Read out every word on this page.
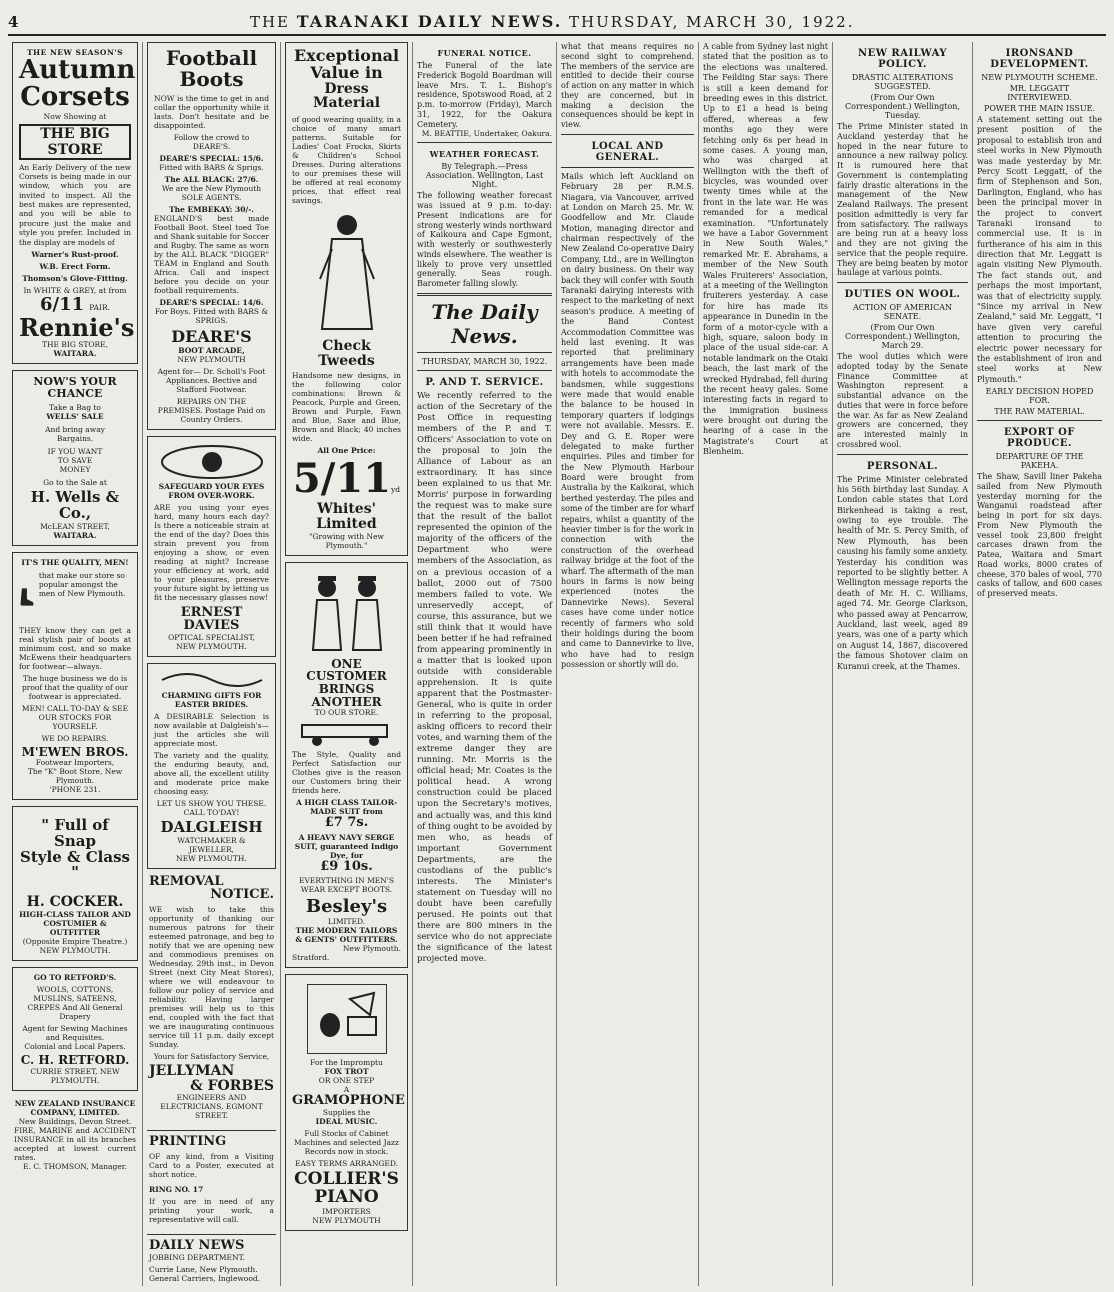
4	THE TARANAKI DAILY NEWS. THURSDAY, MARCH 30, 1922.
THE NEW SEASON'S
Autumn
Corsets
Now Showing at
THE BIG STORE
An Early Delivery of the new Corsets is being made in our window, which you are invited to inspect. All the best makes are represented, and you will be able to procure just the make and style you prefer. Included in the display are models of
Warner's Rust-proof.
W.B. Erect Form.
Thomson's Glove-Fitting.
In WHITE & GREY, at from
6/11 PAIR.
Rennie's
THE BIG STORE,
WAITARA.
NOW'S YOUR
CHANCE
Take a Bag to
WELLS' SALE
And bring away
Bargains.
IF YOU WANT
TO SAVE
MONEY
Go to the Sale at
H. Wells & Co.,
McLEAN STREET,
WAITARA.
IT'S THE QUALITY, MEN!
that make our store so popular amongst the men of New Plymouth.
THEY know they can get a real stylish pair of boots at minimum cost, and so make McEwens their headquarters for footwear—always.
The huge business we do is proof that the quality of our footwear is appreciated.
MEN! CALL TO-DAY & SEE OUR STOCKS FOR YOURSELF.
WE DO REPAIRS.
M'EWEN BROS.
Footwear Importers,
The "K" Boot Store, New Plymouth.
'PHONE 231.
" Full of Snap
Style & Class "
H. COCKER.
HIGH-CLASS TAILOR AND COSTUMIER & OUTFITTER
(Opposite Empire Theatre.)
NEW PLYMOUTH.
GO TO RETFORD'S.
WOOLS, COTTONS, MUSLINS, SATEENS, CREPES And All General Drapery
Agent for Sewing Machines and Requisites.
Colonial and Local Papers.
C. H. RETFORD.
CURRIE STREET, NEW PLYMOUTH.
NEW ZEALAND INSURANCE COMPANY, LIMITED.
New Buildings, Devon Street.
FIRE, MARINE and ACCIDENT INSURANCE in all its branches accepted at lowest current rates.
E. C. THOMSON, Manager.
Football
Boots
NOW is the time to get in and collar the opportunity while it lasts. Don't hesitate and be disappointed.
Follow the crowd to DEARE'S.
DEARE'S SPECIAL: 15/6.
Fitted with BARS & Sprigs.
The ALL BLACK: 27/6.
We are the New Plymouth SOLE AGENTS.
The EMBEKAY: 30/-.
ENGLAND'S best made Football Boot. Steel toed Toe and Shank suitable for Soccer and Rugby. The same as worn by the ALL BLACK "DIGGER" TEAM in England and South Africa. Call and inspect before you decide on your football requirements.
DEARE'S SPECIAL: 14/6.
For Boys. Fitted with BARS & SPRIGS.
DEARE'S
BOOT ARCADE,
NEW PLYMOUTH
Agent for— Dr. Scholl's Foot Appliances. Bective and Stafford Footwear.
REPAIRS ON THE PREMISES. Postage Paid on Country Orders.
SAFEGUARD YOUR EYES FROM OVER-WORK.
ARE you using your eyes hard, many hours each day? Is there a noticeable strain at the end of the day? Does this strain prevent you from enjoying a show, or even reading at night? Increase your efficiency at work, add to your pleasures, preserve your future sight by letting us fit the necessary glasses now!
ERNEST DAVIES
OPTICAL SPECIALIST,
NEW PLYMOUTH.
CHARMING GIFTS FOR EASTER BRIDES.
A DESIRABLE Selection is now available at Dalgleish's—just the articles she will appreciate most.
The variety and the quality, the enduring beauty, and, above all, the excellent utility and moderate price make choosing easy.
LET US SHOW YOU THESE.
CALL TO'DAY!
DALGLEISH
WATCHMAKER & JEWELLER,
NEW PLYMOUTH.
REMOVAL
NOTICE.
WE wish to take this opportunity of thanking our numerous patrons for their esteemed patronage, and beg to notify that we are opening new and commodious premises on Wednesday, 29th inst., in Devon Street (next City Meat Stores), where we will endeavour to follow our policy of service and reliability. Having larger premises will help us to this end, coupled with the fact that we are inaugurating continuous service till 11 p.m. daily except Sunday.
Yours for Satisfactory Service,
JELLYMAN
& FORBES
ENGINEERS AND ELECTRICIANS, EGMONT STREET.
PRINTING
OF any kind, from a Visiting Card to a Poster, executed at short notice.
RING NO. 17
If you are in need of any printing your work, a representative will call.
DAILY NEWS
JOBBING DEPARTMENT.
Currie Lane, New Plymouth. General Carriers, Inglewood.
Exceptional
Value in
Dress Material
of good wearing quality, in a choice of many smart patterns. Suitable for Ladies' Coat Frocks, Skirts & Children's School Dresses. During alterations to our premises these will be offered at real economy prices, that effect real savings.
Check Tweeds
Handsome new designs, in the following color combinations: Brown & Peacock, Purple and Green, Brown and Purple, Fawn and Blue, Saxe and Blue, Brown and Black; 40 inches wide.
All One Price:
5/11yd
Whites' Limited
"Growing with New Plymouth."
ONE CUSTOMER
BRINGS
ANOTHER
TO OUR STORE.
The Style, Quality and Perfect Satisfaction our Clothes give is the reason our Customers bring their friends here.
A HIGH CLASS TAILOR-MADE SUIT from
£7 7s.
A HEAVY NAVY SERGE SUIT, guaranteed Indigo Dye, for
£9 10s.
EVERYTHING IN MEN'S WEAR EXCEPT BOOTS.
Besley's
LIMITED.
THE MODERN TAILORS & GENTS' OUTFITTERS.
New Plymouth.
Stratford.
For the Impromptu
FOX TROT
OR ONE STEP
A
GRAMOPHONE
Supplies the
IDEAL MUSIC.
Full Stocks of Cabinet Machines and selected Jazz Records now in stock.
EASY TERMS ARRANGED.
COLLIER'S
PIANO
IMPORTERS
NEW PLYMOUTH
FUNERAL NOTICE.
The Funeral of the late Frederick Bogold Boardman will leave Mrs. T. L. Bishop's residence, Spotswood Road, at 2 p.m. to-morrow (Friday), March 31, 1922, for the Oakura Cemetery.
M. BEATTIE, Undertaker, Oakura.
WEATHER FORECAST.
By Telegraph.—Press Association. Wellington, Last Night.
The following weather forecast was issued at 9 p.m. to-day: Present indications are for strong westerly winds northward of Kaikoura and Cape Egmont, with westerly or southwesterly winds elsewhere. The weather is likely to prove very unsettled generally. Seas rough. Barometer falling slowly.
The Daily News.
THURSDAY, MARCH 30, 1922.
P. AND T. SERVICE.
We recently referred to the action of the Secretary of the Post Office in requesting members of the P. and T. Officers' Association to vote on the proposal to join the Alliance of Labour as an extraordinary. It has since been explained to us that Mr. Morris' purpose in forwarding the request was to make sure that the result of the ballot represented the opinion of the majority of the officers of the Department who were members of the Association, as on a previous occasion of a ballot, 2000 out of 7500 members failed to vote. We unreservedly accept, of course, this assurance, but we still think that it would have been better if he had refrained from appearing prominently in a matter that is looked upon outside with considerable apprehension. It is quite apparent that the Postmaster-General, who is quite in order in referring to the proposal, asking officers to record their votes, and warning them of the extreme danger they are running. Mr. Morris is the official head; Mr. Coates is the political head. A wrong construction could be placed upon the Secretary's motives, and actually was, and this kind of thing ought to be avoided by men who, as heads of important Government Departments, are the custodians of the public's interests. The Minister's statement on Tuesday will no doubt have been carefully perused. He points out that there are 800 miners in the service who do not appreciate the significance of the latest projected move.
what that means requires no second sight to comprehend. The members of the service are entitled to decide their course of action on any matter in which they are concerned, but in making a decision the consequences should be kept in view.
LOCAL AND GENERAL.
Mails which left Auckland on February 28 per R.M.S. Niagara, via Vancouver, arrived at London on March 25. Mr. W. Goodfellow and Mr. Claude Motion, managing director and chairman respectively of the New Zealand Co-operative Dairy Company, Ltd., are in Wellington on dairy business. On their way back they will confer with South Taranaki dairying interests with respect to the marketing of next season's produce. A meeting of the Band Contest Accommodation Committee was held last evening. It was reported that preliminary arrangements have been made with hotels to accommodate the bandsmen, while suggestions were made that would enable the balance to be housed in temporary quarters if lodgings were not available. Messrs. E. Dey and G. E. Roper were delegated to make further enquiries. Piles and timber for the New Plymouth Harbour Board were brought from Australia by the Kaikorai, which berthed yesterday. The piles and some of the timber are for wharf repairs, whilst a quantity of the heavier timber is for the work in connection with the construction of the overhead railway bridge at the foot of the wharf. The aftermath of the man hours in farms is now being experienced (notes the Dannevirke News). Several cases have come under notice recently of farmers who sold their holdings during the boom and came to Dannevirke to live, who have had to resign possession or shortly will do.
A cable from Sydney last night stated that the position as to the elections was unaltered. The Feilding Star says: There is still a keen demand for breeding ewes in this district. Up to £1 a head is being offered, whereas a few months ago they were fetching only 6s per head in some cases. A young man, who was charged at Wellington with the theft of bicycles, was wounded over twenty times while at the front in the late war. He was remanded for a medical examination. "Unfortunately we have a Labor Government in New South Wales," remarked Mr. E. Abrahams, a member of the New South Wales Fruiterers' Association, at a meeting of the Wellington fruiterers yesterday. A case for hire has made its appearance in Dunedin in the form of a motor-cycle with a high, square, saloon body in place of the usual side-car. A notable landmark on the Otaki beach, the last mark of the wrecked Hydrabad, fell during the recent heavy gales. Some interesting facts in regard to the immigration business were brought out during the hearing of a case in the Magistrate's Court at Blenheim.
NEW RAILWAY POLICY.
DRASTIC ALTERATIONS SUGGESTED.
(From Our Own Correspondent.) Wellington, Tuesday.
The Prime Minister stated in Auckland yesterday that he hoped in the near future to announce a new railway policy. It is rumoured here that Government is contemplating fairly drastic alterations in the management of the New Zealand Railways. The present position admittedly is very far from satisfactory. The railways are being run at a heavy loss and they are not giving the service that the people require. They are being beaten by motor haulage at various points.
DUTIES ON WOOL.
ACTION OF AMERICAN SENATE.
(From Our Own Correspondent.) Wellington, March 29.
The wool duties which were adopted today by the Senate Finance Committee at Washington represent a substantial advance on the duties that were in force before the war. As far as New Zealand growers are concerned, they are interested mainly in crossbred wool.
PERSONAL.
The Prime Minister celebrated his 56th birthday last Sunday. A London cable states that Lord Birkenhead is taking a rest, owing to eye trouble. The health of Mr. S. Percy Smith, of New Plymouth, has been causing his family some anxiety. Yesterday his condition was reported to be slightly better. A Wellington message reports the death of Mr. H. C. Williams, aged 74. Mr. George Clarkson, who passed away at Pencarrow, Auckland, last week, aged 89 years, was one of a party which on August 14, 1867, discovered the famous Shotover claim on Kuranui creek, at the Thames.
IRONSAND DEVELOPMENT.
NEW PLYMOUTH SCHEME.
MR. LEGGATT INTERVIEWED.
POWER THE MAIN ISSUE.
A statement setting out the present position of the proposal to establish iron and steel works in New Plymouth was made yesterday by Mr. Percy Scott Leggatt, of the firm of Stephenson and Son, Darlington, England, who has been the principal mover in the project to convert Taranaki ironsand to commercial use. It is in furtherance of his aim in this direction that Mr. Leggatt is again visiting New Plymouth. The fact stands out, and perhaps the most important, was that of electricity supply. "Since my arrival in New Zealand," said Mr. Leggatt, "I have given very careful attention to procuring the electric power necessary for the establishment of iron and steel works at New Plymouth."
EARLY DECISION HOPED FOR.
THE RAW MATERIAL.
EXPORT OF PRODUCE.
DEPARTURE OF THE PAKEHA.
The Shaw, Savill liner Pakeha sailed from New Plymouth yesterday morning for the Wanganui roadstead after being in port for six days. From New Plymouth the vessel took 23,800 freight carcases drawn from the Patea, Waitara and Smart Road works, 8000 crates of cheese, 370 bales of wool, 770 casks of tallow, and 600 cases of preserved meats.
